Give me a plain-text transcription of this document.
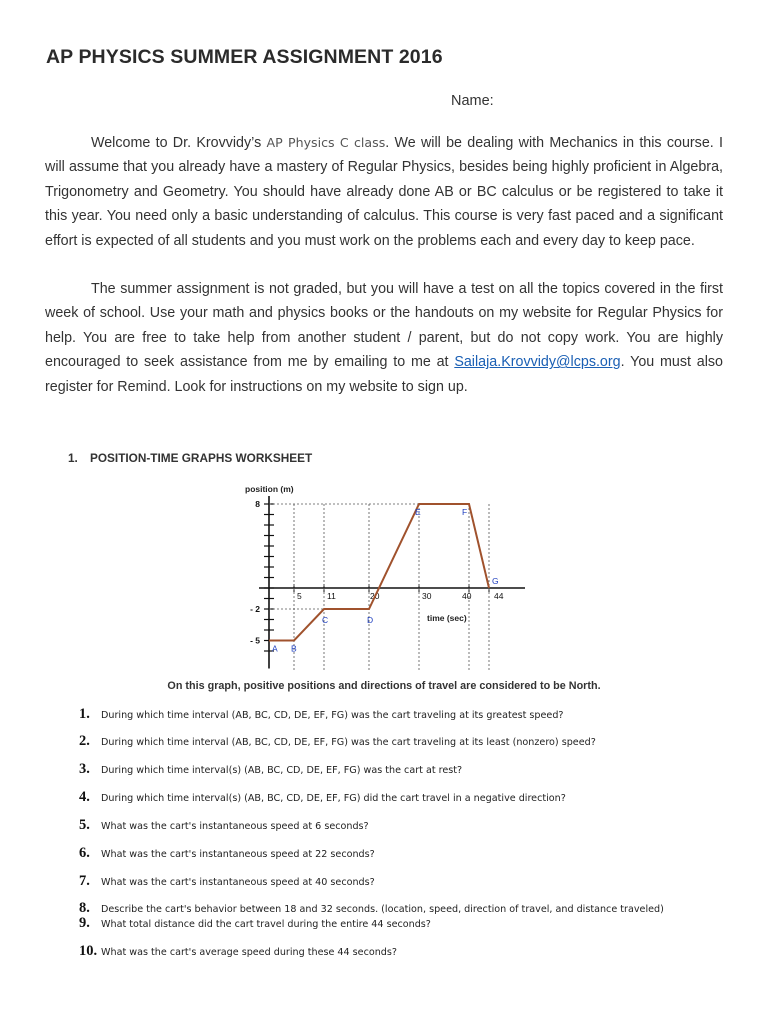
AP PHYSICS SUMMER ASSIGNMENT 2016
Name:

Welcome to Dr. Krovvidy’s AP Physics C class. We will be dealing with Mechanics in this course. I will assume that you already have a mastery of Regular Physics, besides being highly proficient in Algebra, Trigonometry and Geometry. You should have already done AB or BC calculus or be registered to take it this year. You need only a basic understanding of calculus. This course is very fast paced and a significant effort is expected of all students and you must work on the problems each and every day to keep pace.

The summer assignment is not graded, but you will have a test on all the topics covered in the first week of school. Use your math and physics books or the handouts on my website for Regular Physics for help. You are free to take help from another student / parent, but do not copy work. You are highly encouraged to seek assistance from me by emailing to me at Sailaja.Krovvidy@lcps.org. You must also register for Remind. Look for instructions on my website to sign up.

1. POSITION-TIME GRAPHS WORKSHEET
position (m)
time (sec)
8
- 2
- 5
5	11	20	30	40	44
A B
C	D
E	F
G
On this graph, positive positions and directions of travel are considered to be North.
1. During which time interval (AB, BC, CD, DE, EF, FG) was the cart traveling at its greatest speed?
2. During which time interval (AB, BC, CD, DE, EF, FG) was the cart traveling at its least (nonzero) speed?
3. During which time interval(s) (AB, BC, CD, DE, EF, FG) was the cart at rest?
4. During which time interval(s) (AB, BC, CD, DE, EF, FG) did the cart travel in a negative direction?
5. What was the cart's instantaneous speed at 6 seconds?
6. What was the cart's instantaneous speed at 22 seconds?
7. What was the cart's instantaneous speed at 40 seconds?
8. Describe the cart's behavior between 18 and 32 seconds. (location, speed, direction of travel, and distance traveled)
9. What total distance did the cart travel during the entire 44 seconds?
10. What was the cart's average speed during these 44 seconds?
